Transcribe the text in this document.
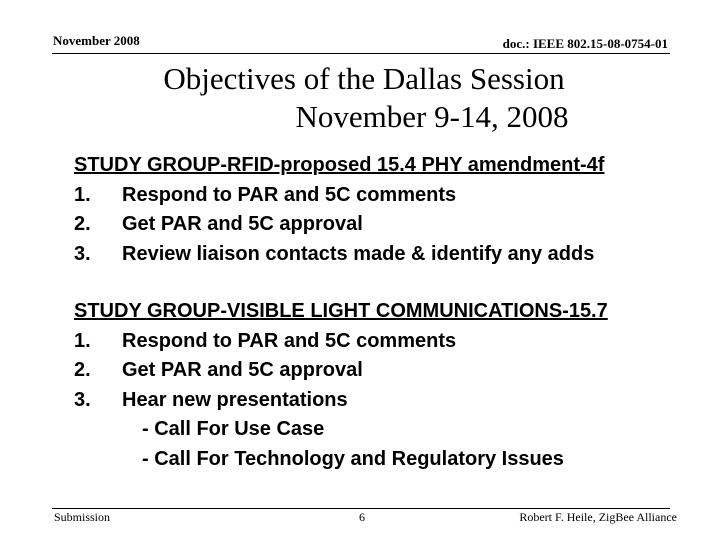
November 2008	doc.: IEEE 802.15-08-0754-01
Objectives of the Dallas Session
November 9-14, 2008
STUDY GROUP-RFID-proposed 15.4 PHY amendment-4f
1.	Respond to PAR and 5C comments
2.	Get PAR and 5C approval
3.	Review liaison contacts made & identify any adds
STUDY GROUP-VISIBLE LIGHT COMMUNICATIONS-15.7
1.	Respond to PAR and 5C comments
2.	Get PAR and 5C approval
3.	Hear new presentations
- Call For Use Case
- Call For Technology and Regulatory Issues
Submission	6	Robert F. Heile, ZigBee Alliance
